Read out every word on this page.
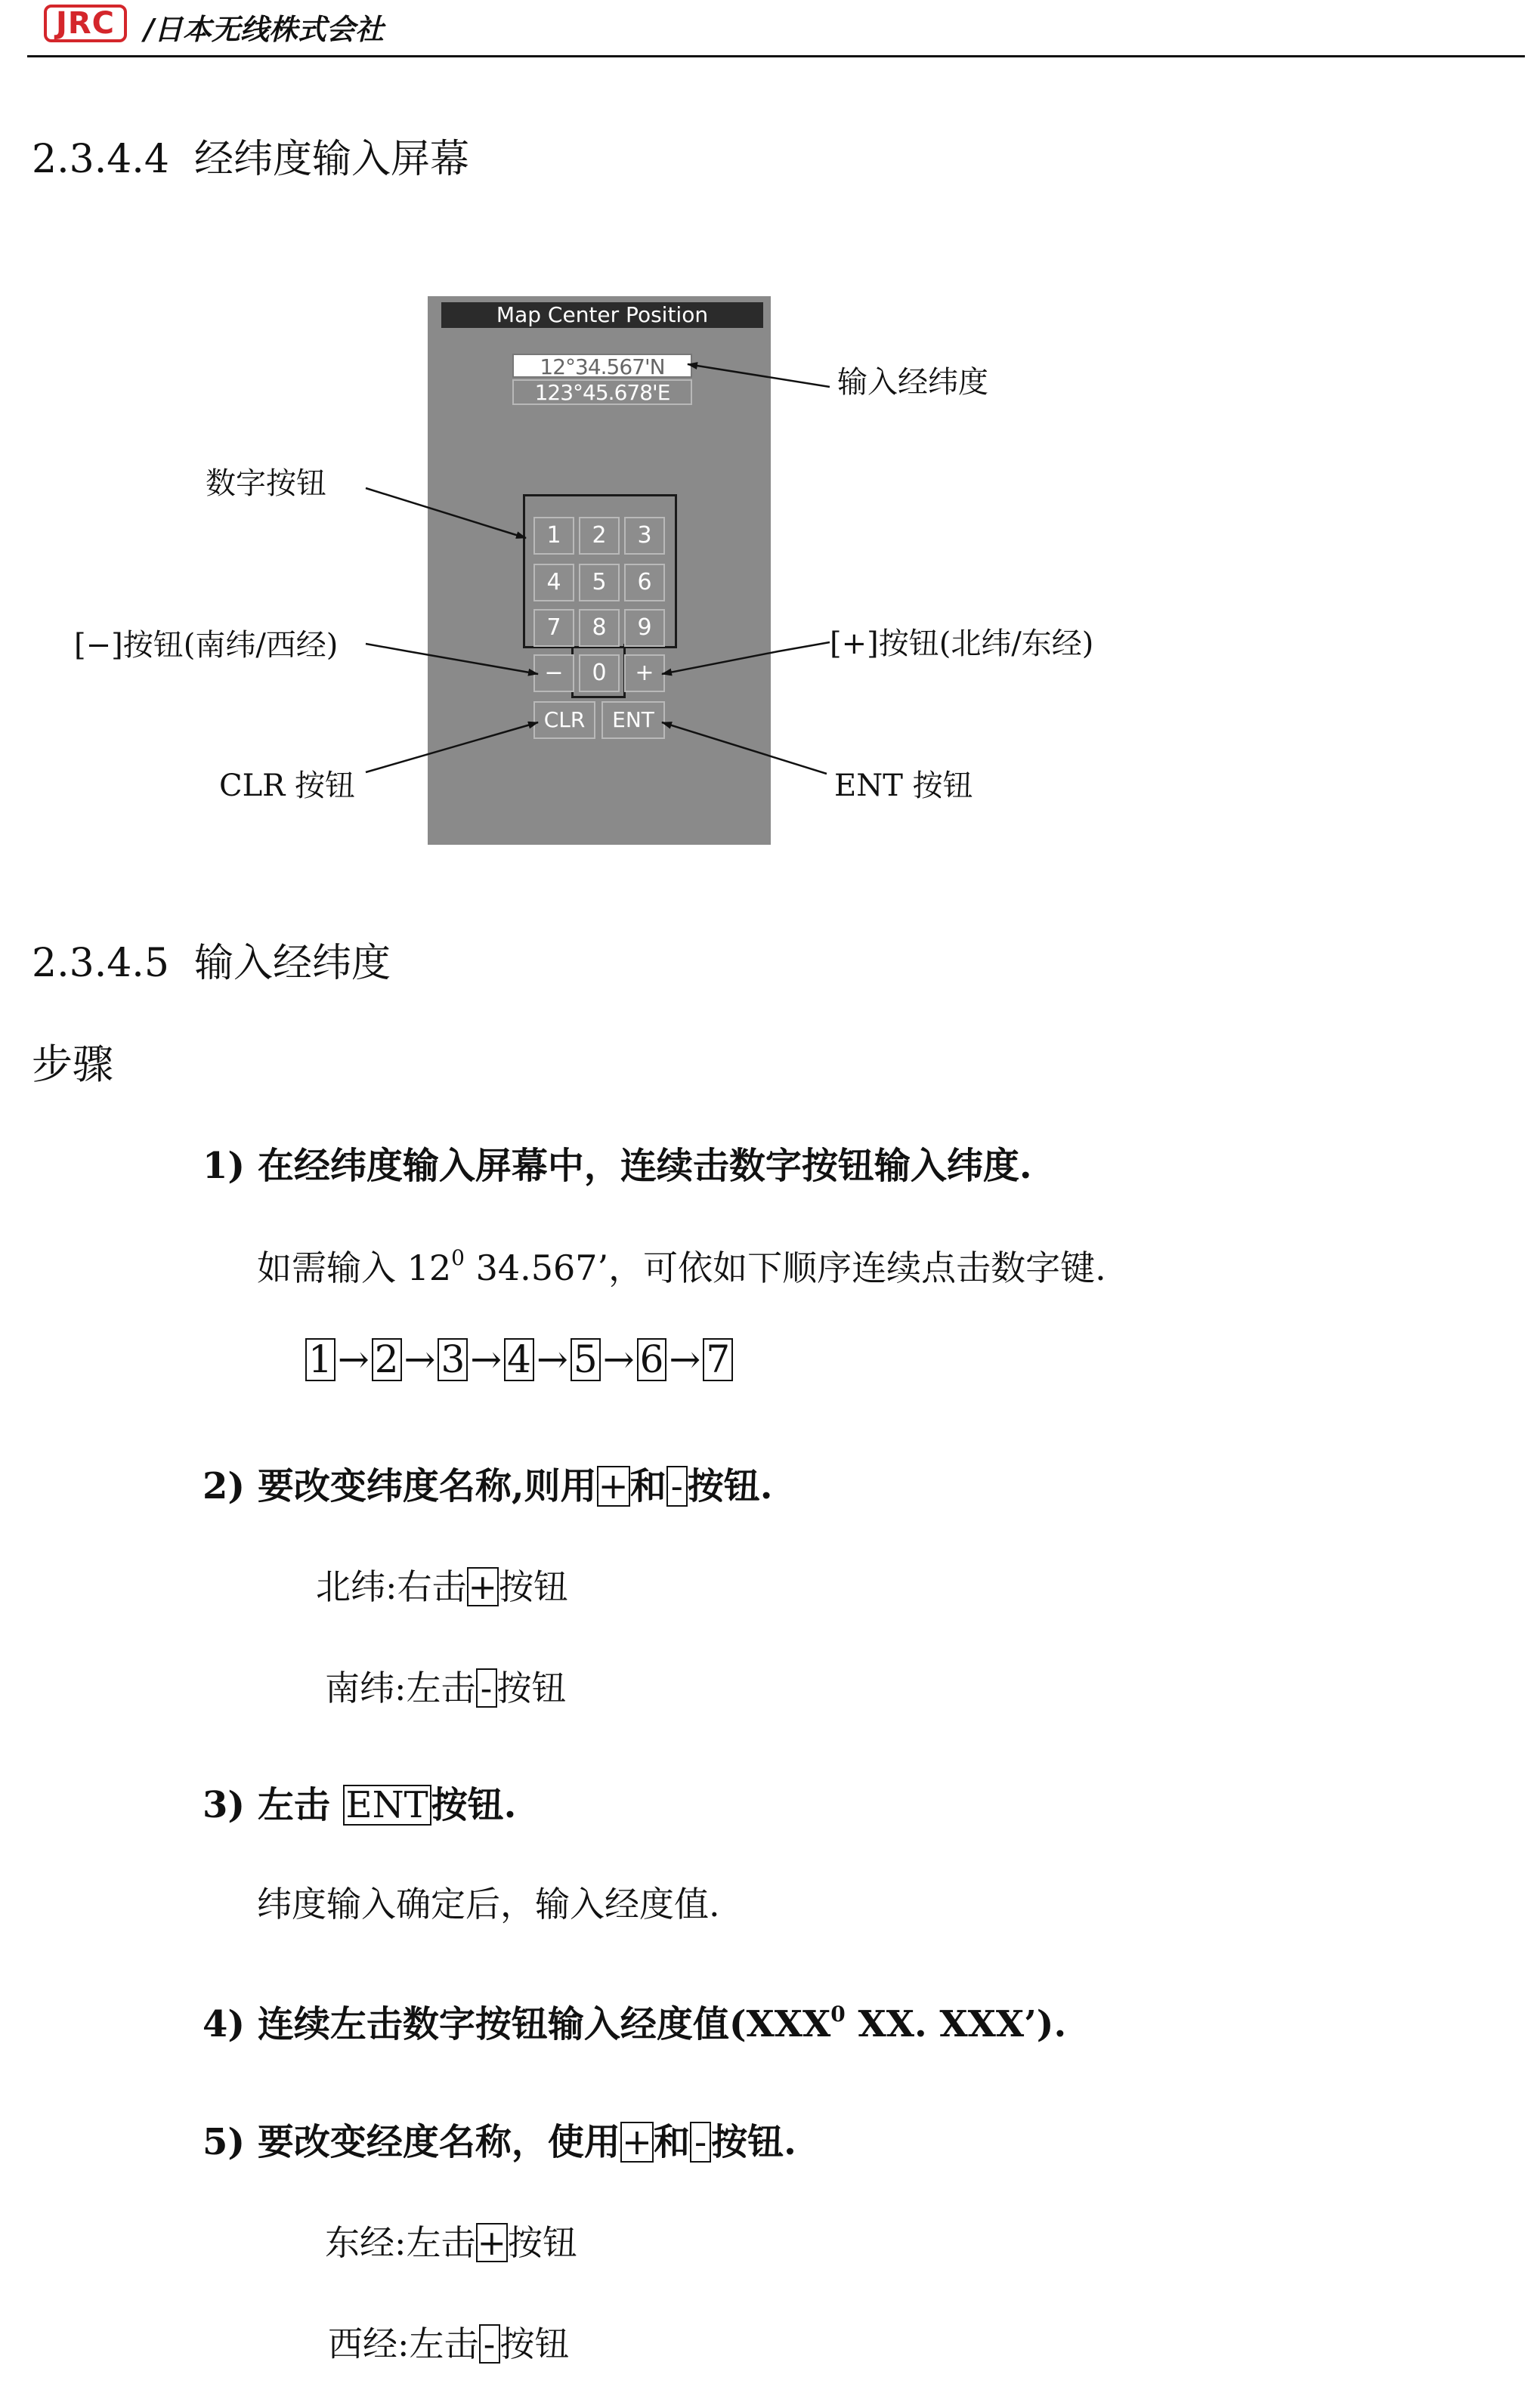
JRC /日本无线株式会社
2.3.4.4 经纬度输入屏幕
Map Center Position
12°34.567'N
123°45.678'E
1	2	3
4	5	6
7	8	9
−	0	+
CLR	ENT
输入经纬度
数字按钮
[−]按钮(南纬/西经)	[+]按钮(北纬/东经)
CLR 按钮	ENT 按钮
2.3.4.5 输入经纬度
步骤
1) 在经纬度输入屏幕中，连续击数字按钮输入纬度.
如需输入 $12^0$ 34.567’，可依如下顺序连续点击数字键.
1 → 2 → 3 → 4 → 5 → 6 → 7
2) 要改变纬度名称,则用+和 - 按钮.
北纬:右击+按钮
南纬:左击 - 按钮
3) 左击 ENT按钮.
纬度输入确定后，输入经度值.
4) 连续左击数字按钮输入经度值(XXX$^0$ XX. XXX’).
5) 要改变经度名称，使用+和 - 按钮.
东经:左击+按钮
西经:左击 - 按钮
